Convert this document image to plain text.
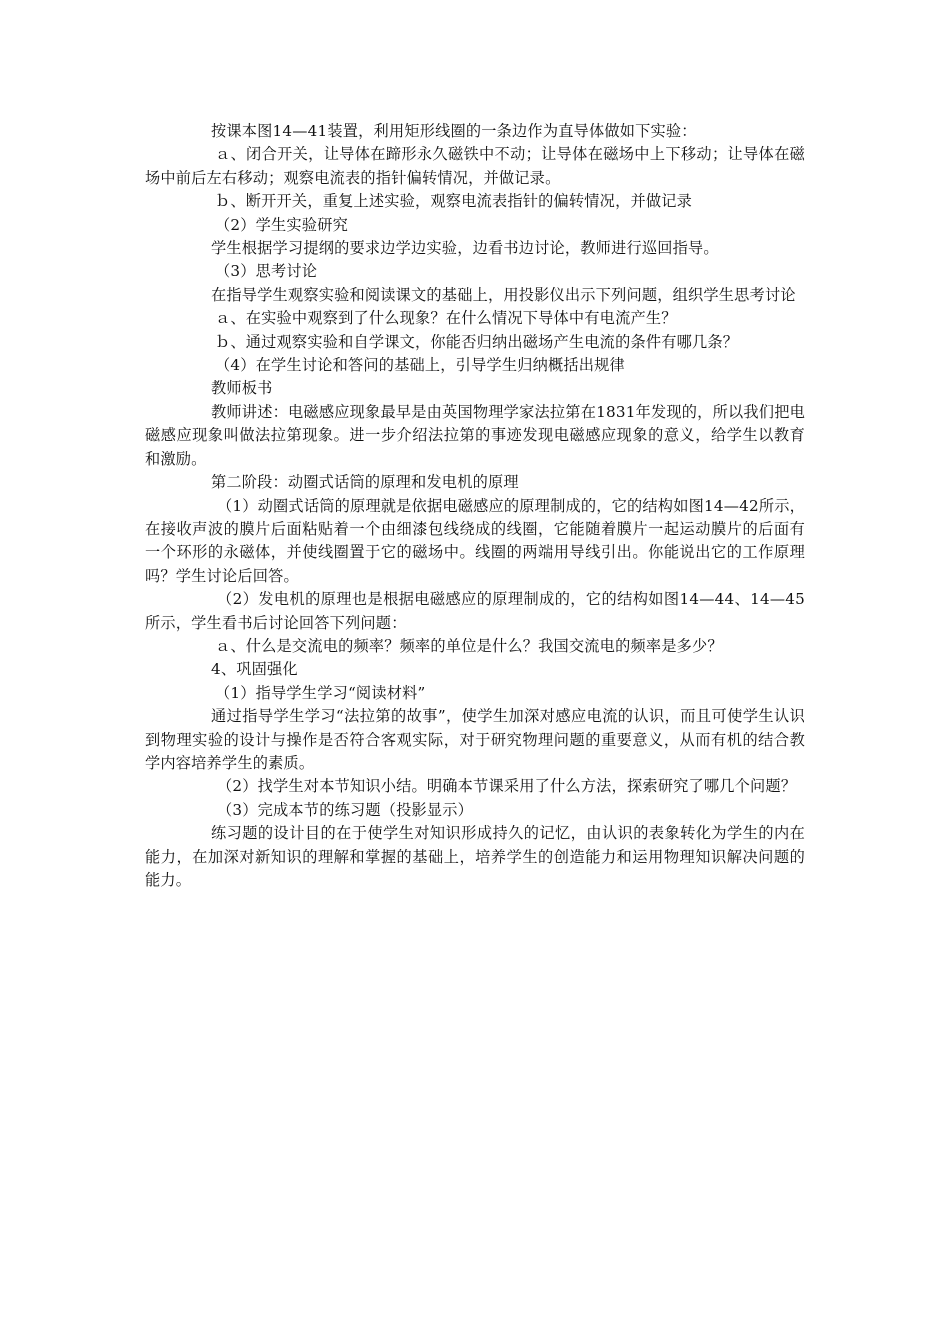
按课本图14—41装置，利用矩形线圈的一条边作为直导体做如下实验：

ａ、闭合开关，让导体在蹄形永久磁铁中不动；让导体在磁场中上下移动；让导体在磁场中前后左右移动；观察电流表的指针偏转情况，并做记录。

ｂ、断开开关，重复上述实验，观察电流表指针的偏转情况，并做记录

（2）学生实验研究

学生根据学习提纲的要求边学边实验，边看书边讨论，教师进行巡回指导。

（3）思考讨论

在指导学生观察实验和阅读课文的基础上，用投影仪出示下列问题，组织学生思考讨论

ａ、在实验中观察到了什么现象？在什么情况下导体中有电流产生？

ｂ、通过观察实验和自学课文，你能否归纳出磁场产生电流的条件有哪几条？

（4）在学生讨论和答问的基础上，引导学生归纳概括出规律

教师板书

教师讲述：电磁感应现象最早是由英国物理学家法拉第在1831年发现的，所以我们把电磁感应现象叫做法拉第现象。进一步介绍法拉第的事迹发现电磁感应现象的意义，给学生以教育和激励。

第二阶段：动圈式话筒的原理和发电机的原理

（1）动圈式话筒的原理就是依据电磁感应的原理制成的，它的结构如图14—42所示，在接收声波的膜片后面粘贴着一个由细漆包线绕成的线圈，它能随着膜片一起运动膜片的后面有一个环形的永磁体，并使线圈置于它的磁场中。线圈的两端用导线引出。你能说出它的工作原理吗？学生讨论后回答。

（2）发电机的原理也是根据电磁感应的原理制成的，它的结构如图14—44、14—45所示，学生看书后讨论回答下列问题：

ａ、什么是交流电的频率？频率的单位是什么？我国交流电的频率是多少？

4、巩固强化

（1）指导学生学习“阅读材料”

通过指导学生学习“法拉第的故事”，使学生加深对感应电流的认识，而且可使学生认识到物理实验的设计与操作是否符合客观实际，对于研究物理问题的重要意义，从而有机的结合教学内容培养学生的素质。

（2）找学生对本节知识小结。明确本节课采用了什么方法，探索研究了哪几个问题？

（3）完成本节的练习题（投影显示）

练习题的设计目的在于使学生对知识形成持久的记忆，由认识的表象转化为学生的内在能力，在加深对新知识的理解和掌握的基础上，培养学生的创造能力和运用物理知识解决问题的能力。
